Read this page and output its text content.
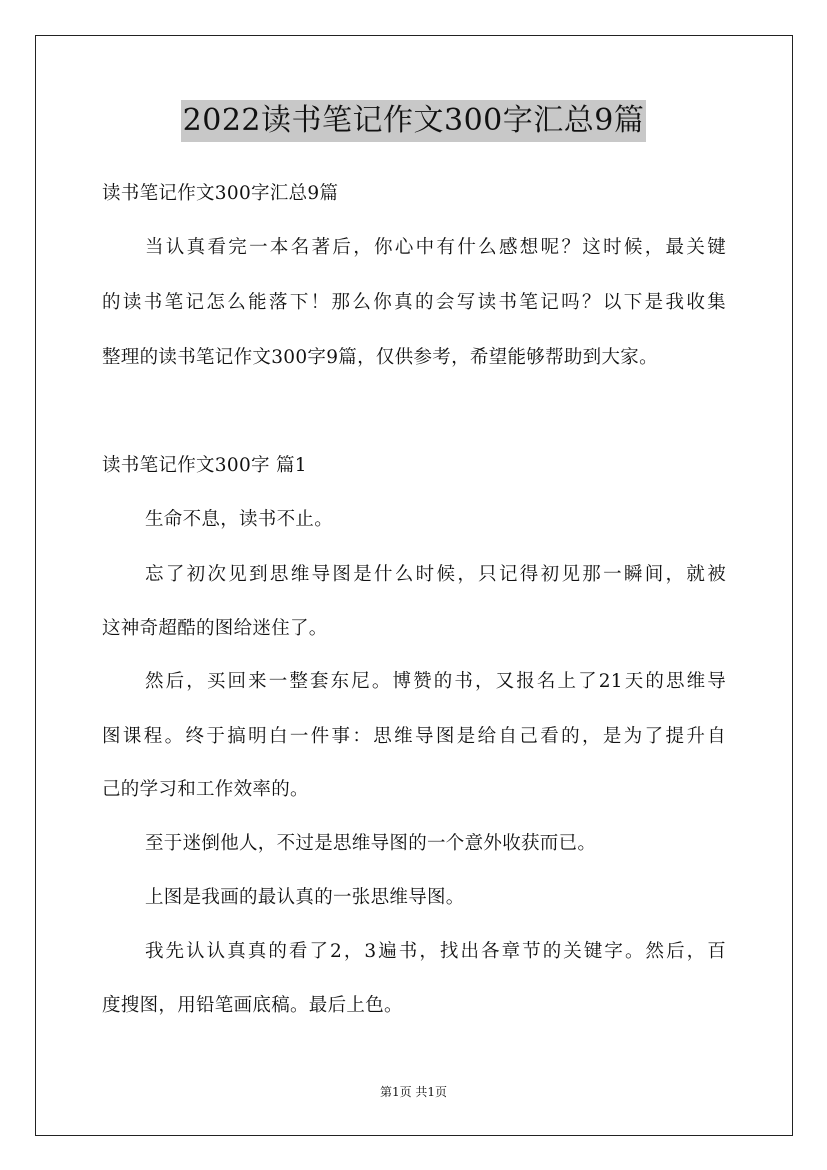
2022读书笔记作文300字汇总9篇
读书笔记作文300字汇总9篇
当认真看完一本名著后，你心中有什么感想呢？这时候，最关键
的读书笔记怎么能落下！那么你真的会写读书笔记吗？以下是我收集
整理的读书笔记作文300字9篇，仅供参考，希望能够帮助到大家。
读书笔记作文300字 篇1
生命不息，读书不止。
忘了初次见到思维导图是什么时候，只记得初见那一瞬间，就被
这神奇超酷的图给迷住了。
然后，买回来一整套东尼。博赞的书，又报名上了21天的思维导
图课程。终于搞明白一件事：思维导图是给自己看的，是为了提升自
己的学习和工作效率的。
至于迷倒他人，不过是思维导图的一个意外收获而已。
上图是我画的最认真的一张思维导图。
我先认认真真的看了2，3遍书，找出各章节的关键字。然后，百
度搜图，用铅笔画底稿。最后上色。
第1页 共1页
